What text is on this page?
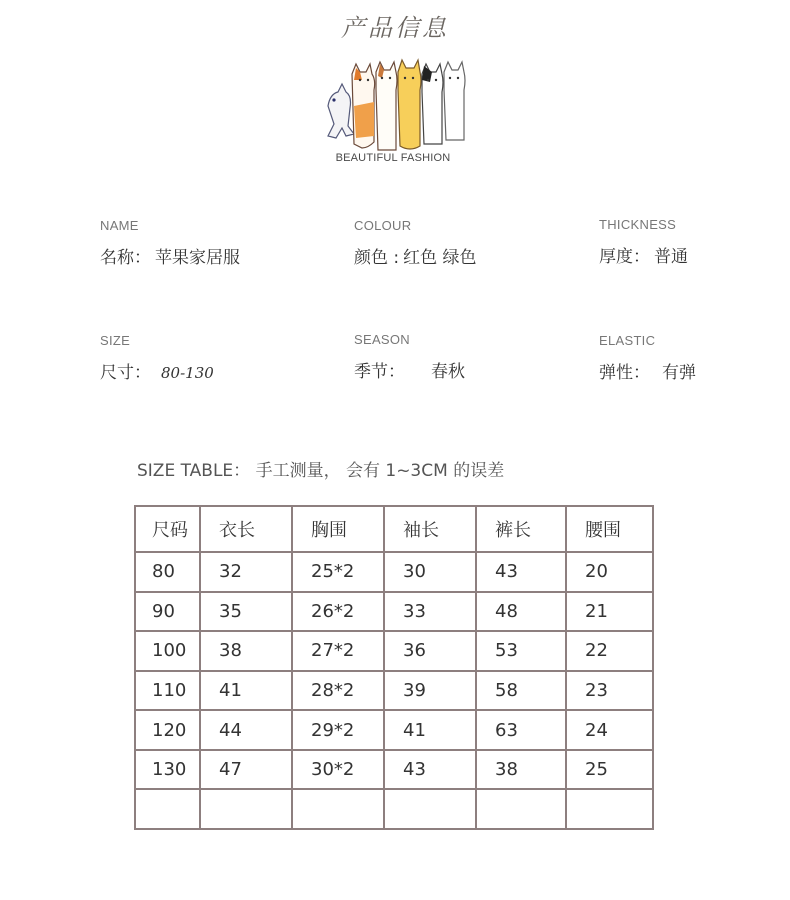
产品信息
BEAUTIFUL FASHION
NAME
名称： 苹果家居服
COLOUR
颜色 : 红色 绿色
THICKNESS
厚度： 普通
SIZE
尺寸： 80-130
SEASON
季节： 春秋
ELASTIC
弹性： 有弹
SIZE TABLE： 手工测量， 会有 1~3CM 的误差
尺码	衣长	胸围	袖长	裤长	腰围
80	32	25*2	30	43	20
90	35	26*2	33	48	21
100	38	27*2	36	53	22
110	41	28*2	39	58	23
120	44	29*2	41	63	24
130	47	30*2	43	38	25
